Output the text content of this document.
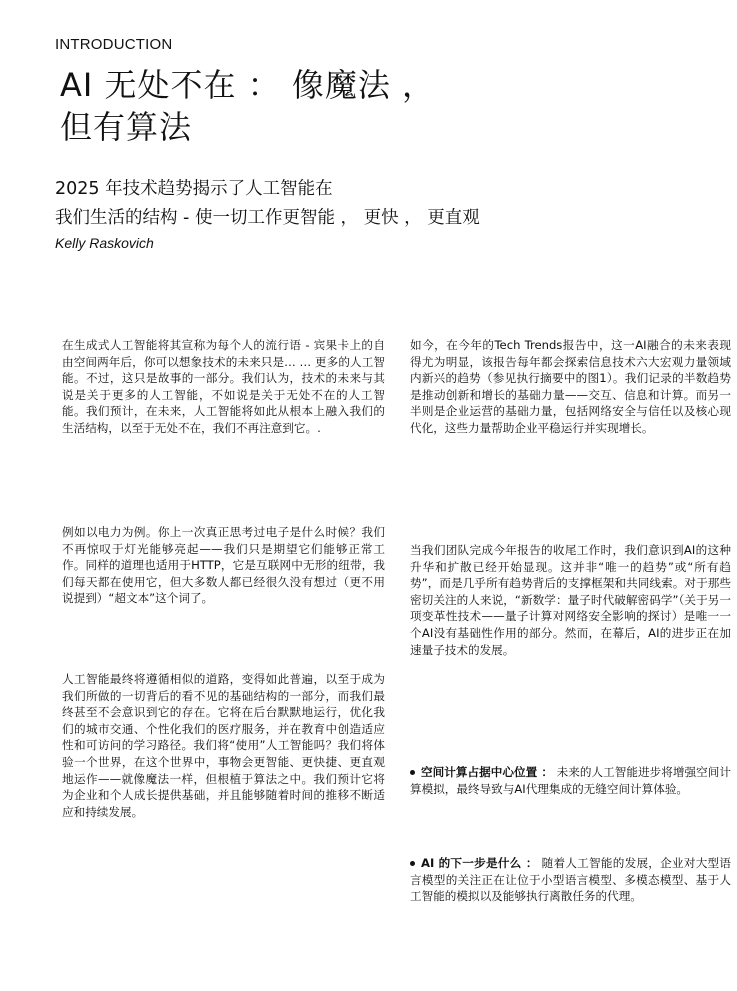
INTRODUCTION
AI 无处不在 ： 像魔法 ，
但有算法
2025 年技术趋势揭示了人工智能在
我们生活的结构 - 使一切工作更智能 ， 更快 ， 更直观
Kelly Raskovich

在生成式人工智能将其宣称为每个人的流行语 - 宾果卡上的自由空间两年后，你可以想象技术的未来只是… … 更多的人工智能。不过，这只是故事的一部分。我们认为，技术的未来与其说是关于更多的人工智能，不如说是关于无处不在的人工智能。我们预计，在未来，人工智能将如此从根本上融入我们的生活结构，以至于无处不在，我们不再注意到它。.

例如以电力为例。你上一次真正思考过电子是什么时候？我们不再惊叹于灯光能够亮起——我们只是期望它们能够正常工作。同样的道理也适用于HTTP，它是互联网中无形的纽带，我们每天都在使用它，但大多数人都已经很久没有想过（更不用说提到）“超文本”这个词了。

人工智能最终将遵循相似的道路，变得如此普遍，以至于成为我们所做的一切背后的看不见的基础结构的一部分，而我们最终甚至不会意识到它的存在。它将在后台默默地运行，优化我们的城市交通、个性化我们的医疗服务，并在教育中创造适应性和可访问的学习路径。我们将“使用”人工智能吗？我们将体验一个世界，在这个世界中，事物会更智能、更快捷、更直观地运作——就像魔法一样，但根植于算法之中。我们预计它将为企业和个人成长提供基础，并且能够随着时间的推移不断适应和持续发展。

如今，在今年的Tech Trends报告中，这一AI融合的未来表现得尤为明显，该报告每年都会探索信息技术六大宏观力量领域内新兴的趋势（参见执行摘要中的图1）。我们记录的半数趋势是推动创新和增长的基础力量——交互、信息和计算。而另一半则是企业运营的基础力量，包括网络安全与信任以及核心现代化，这些力量帮助企业平稳运行并实现增长。

当我们团队完成今年报告的收尾工作时，我们意识到AI的这种升华和扩散已经开始显现。这并非“唯一的趋势”或“所有趋势”，而是几乎所有趋势背后的支撑框架和共同线索。对于那些密切关注的人来说，“新数学：量子时代破解密码学”（关于另一项变革性技术——量子计算对网络安全影响的探讨）是唯一一个AI没有基础性作用的部分。然而，在幕后，AI的进步正在加速量子技术的发展。

空间计算占据中心位置 ： 未来的人工智能进步将增强空间计算模拟，最终导致与AI代理集成的无缝空间计算体验。

AI 的下一步是什么 ： 随着人工智能的发展，企业对大型语言模型的关注正在让位于小型语言模型、多模态模型、基于人工智能的模拟以及能够执行离散任务的代理。
